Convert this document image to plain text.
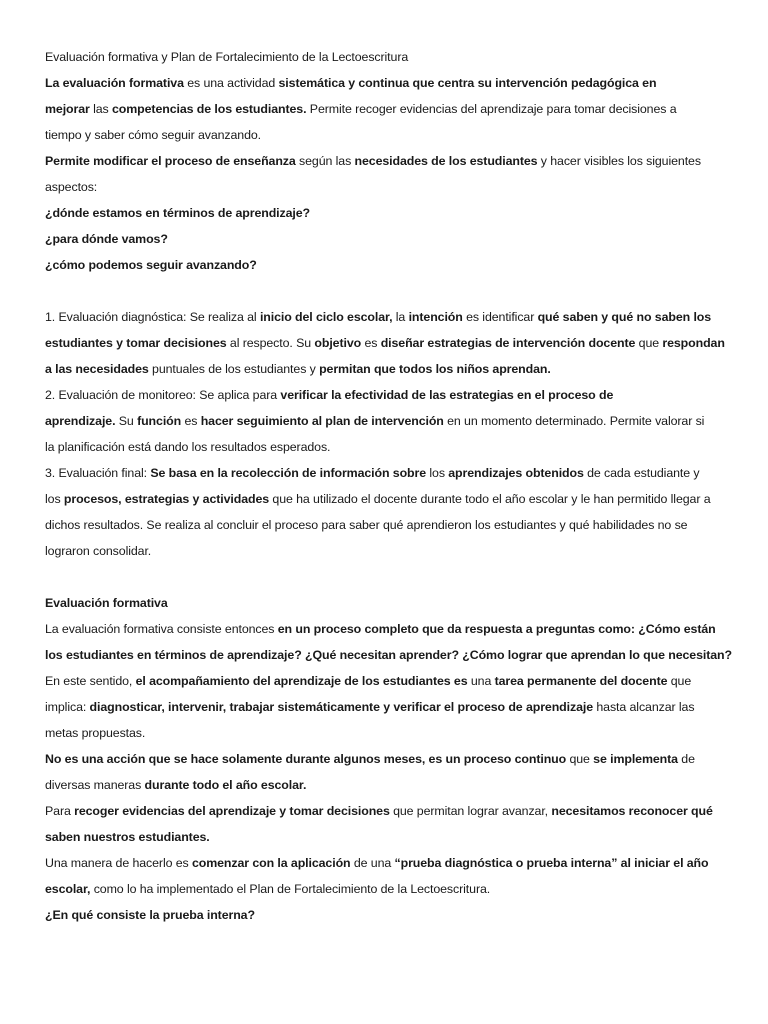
Evaluación formativa y Plan de Fortalecimiento de la Lectoescritura
La evaluación formativa es una actividad sistemática y continua que centra su intervención pedagógica en
mejorar las competencias de los estudiantes. Permite recoger evidencias del aprendizaje para tomar decisiones a
tiempo y saber cómo seguir avanzando.
Permite modificar el proceso de enseñanza según las necesidades de los estudiantes y hacer visibles los siguientes
aspectos:
¿dónde estamos en términos de aprendizaje?
¿para dónde vamos?
¿cómo podemos seguir avanzando?
1. Evaluación diagnóstica: Se realiza al inicio del ciclo escolar, la intención es identificar qué saben y qué no saben los
estudiantes y tomar decisiones al respecto. Su objetivo es diseñar estrategias de intervención docente que respondan
a las necesidades puntuales de los estudiantes y permitan que todos los niños aprendan.
2. Evaluación de monitoreo: Se aplica para verificar la efectividad de las estrategias en el proceso de
aprendizaje. Su función es hacer seguimiento al plan de intervención en un momento determinado. Permite valorar si
la planificación está dando los resultados esperados.
3. Evaluación final: Se basa en la recolección de información sobre los aprendizajes obtenidos de cada estudiante y
los procesos, estrategias y actividades que ha utilizado el docente durante todo el año escolar y le han permitido llegar a
dichos resultados. Se realiza al concluir el proceso para saber qué aprendieron los estudiantes y qué habilidades no se
lograron consolidar.
Evaluación formativa
La evaluación formativa consiste entonces en un proceso completo que da respuesta a preguntas como: ¿Cómo están
los estudiantes en términos de aprendizaje? ¿Qué necesitan aprender? ¿Cómo lograr que aprendan lo que necesitan?
En este sentido, el acompañamiento del aprendizaje de los estudiantes es una tarea permanente del docente que
implica: diagnosticar, intervenir, trabajar sistemáticamente y verificar el proceso de aprendizaje hasta alcanzar las
metas propuestas.
No es una acción que se hace solamente durante algunos meses, es un proceso continuo que se implementa de
diversas maneras durante todo el año escolar.
Para recoger evidencias del aprendizaje y tomar decisiones que permitan lograr avanzar, necesitamos reconocer qué
saben nuestros estudiantes.
Una manera de hacerlo es comenzar con la aplicación de una “prueba diagnóstica o prueba interna” al iniciar el año
escolar, como lo ha implementado el Plan de Fortalecimiento de la Lectoescritura.
¿En qué consiste la prueba interna?
